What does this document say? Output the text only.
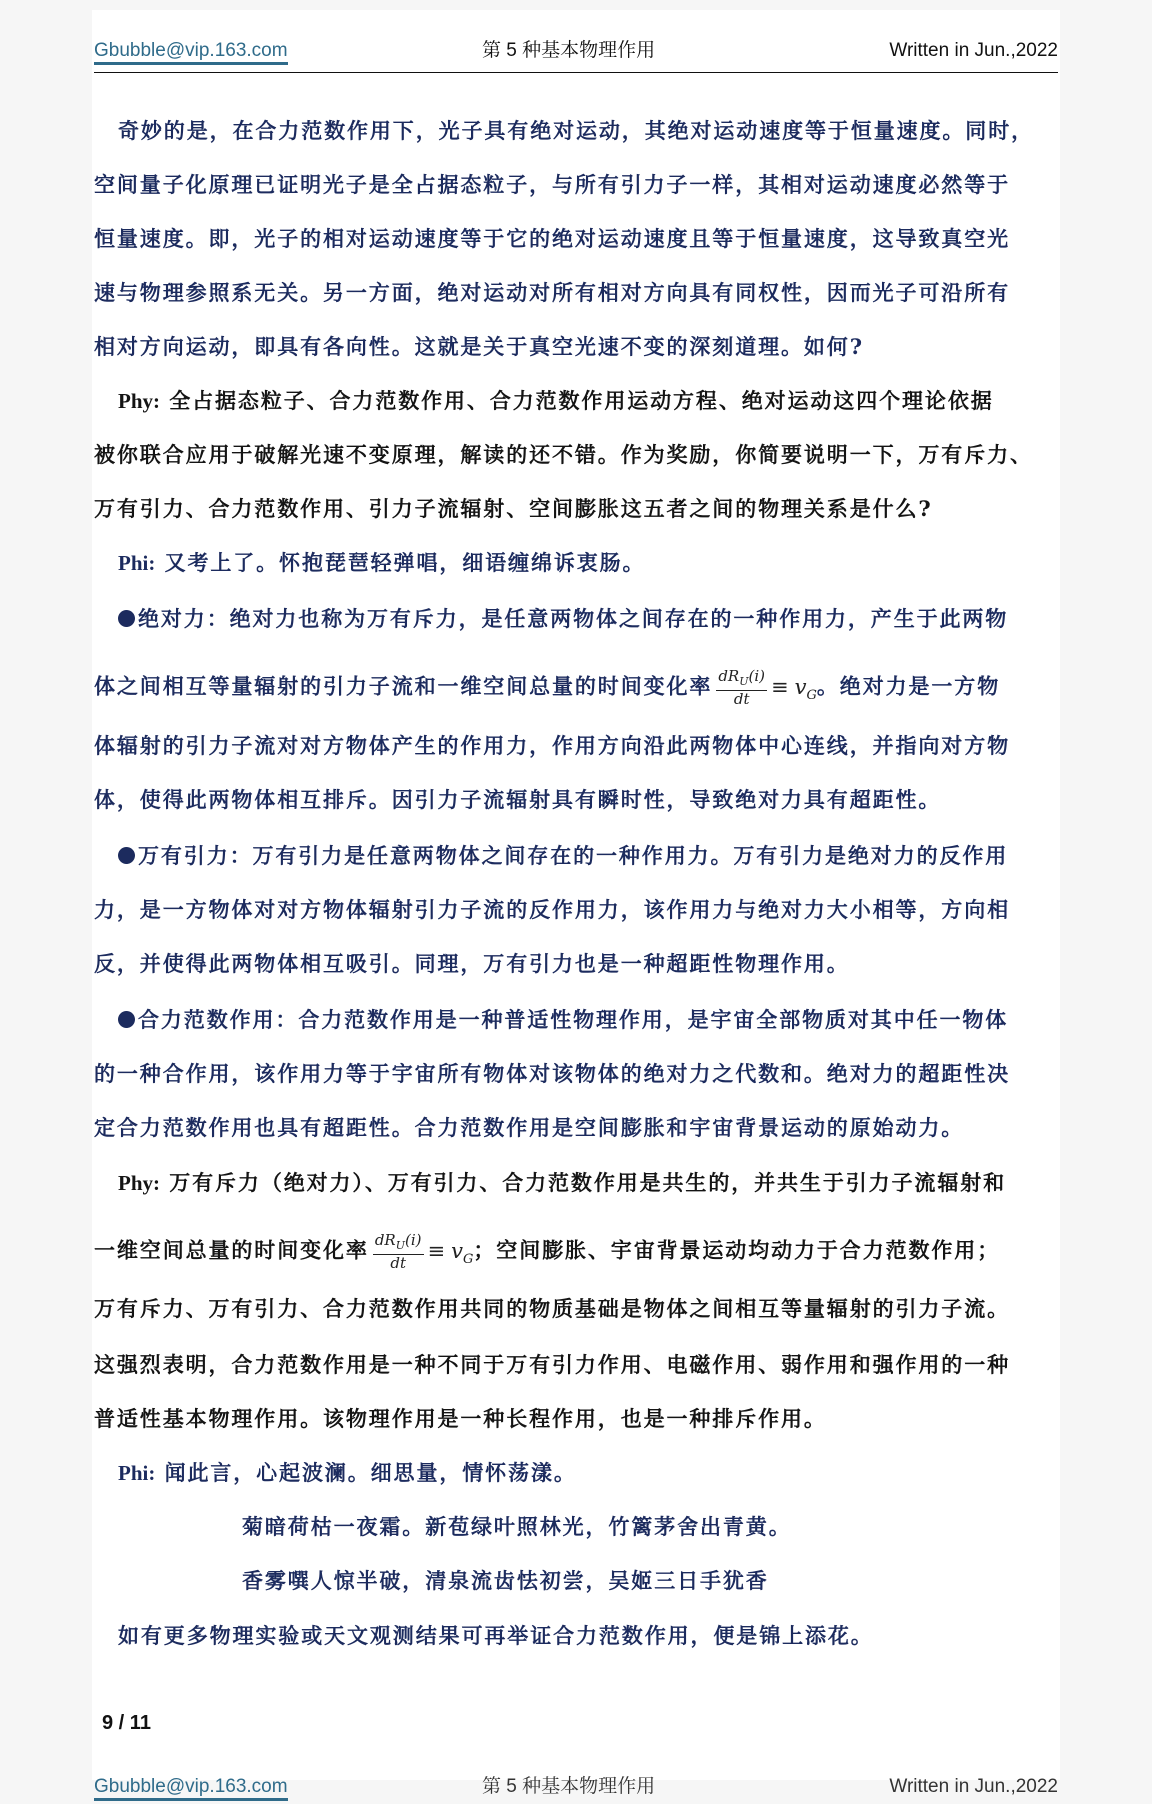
Gbubble@vip.163.com	第 5 种基本物理作用	Written in Jun.,2022
奇妙的是，在合力范数作用下，光子具有绝对运动，其绝对运动速度等于恒量速度。同时，
空间量子化原理已证明光子是全占据态粒子，与所有引力子一样，其相对运动速度必然等于
恒量速度。即，光子的相对运动速度等于它的绝对运动速度且等于恒量速度，这导致真空光
速与物理参照系无关。另一方面，绝对运动对所有相对方向具有同权性，因而光子可沿所有
相对方向运动，即具有各向性。这就是关于真空光速不变的深刻道理。如何?
Phy: 全占据态粒子、合力范数作用、合力范数作用运动方程、绝对运动这四个理论依据
被你联合应用于破解光速不变原理，解读的还不错。作为奖励，你简要说明一下，万有斥力、
万有引力、合力范数作用、引力子流辐射、空间膨胀这五者之间的物理关系是什么?
Phi: 又考上了。怀抱琵琶轻弹唱，细语缠绵诉衷肠。
绝对力：绝对力也称为万有斥力，是任意两物体之间存在的一种作用力，产生于此两物
体之间相互等量辐射的引力子流和一维空间总量的时间变化率 $\frac{dR_U(i)}{dt} \equiv v_G$。绝对力是一方物
体辐射的引力子流对对方物体产生的作用力，作用方向沿此两物体中心连线，并指向对方物
体，使得此两物体相互排斥。因引力子流辐射具有瞬时性，导致绝对力具有超距性。
万有引力：万有引力是任意两物体之间存在的一种作用力。万有引力是绝对力的反作用
力，是一方物体对对方物体辐射引力子流的反作用力，该作用力与绝对力大小相等，方向相
反，并使得此两物体相互吸引。同理，万有引力也是一种超距性物理作用。
合力范数作用：合力范数作用是一种普适性物理作用，是宇宙全部物质对其中任一物体
的一种合作用，该作用力等于宇宙所有物体对该物体的绝对力之代数和。绝对力的超距性决
定合力范数作用也具有超距性。合力范数作用是空间膨胀和宇宙背景运动的原始动力。
Phy: 万有斥力（绝对力）、万有引力、合力范数作用是共生的，并共生于引力子流辐射和
一维空间总量的时间变化率 $\frac{dR_U(i)}{dt} \equiv v_G$；空间膨胀、宇宙背景运动均动力于合力范数作用；
万有斥力、万有引力、合力范数作用共同的物质基础是物体之间相互等量辐射的引力子流。
这强烈表明，合力范数作用是一种不同于万有引力作用、电磁作用、弱作用和强作用的一种
普适性基本物理作用。该物理作用是一种长程作用，也是一种排斥作用。
Phi: 闻此言，心起波澜。细思量，情怀荡漾。
菊暗荷枯一夜霜。新苞绿叶照林光，竹篱茅舍出青黄。
香雾噀人惊半破，清泉流齿怯初尝，吴姬三日手犹香
如有更多物理实验或天文观测结果可再举证合力范数作用，便是锦上添花。
9 / 11
Gbubble@vip.163.com	第 5 种基本物理作用	Written in Jun.,2022
